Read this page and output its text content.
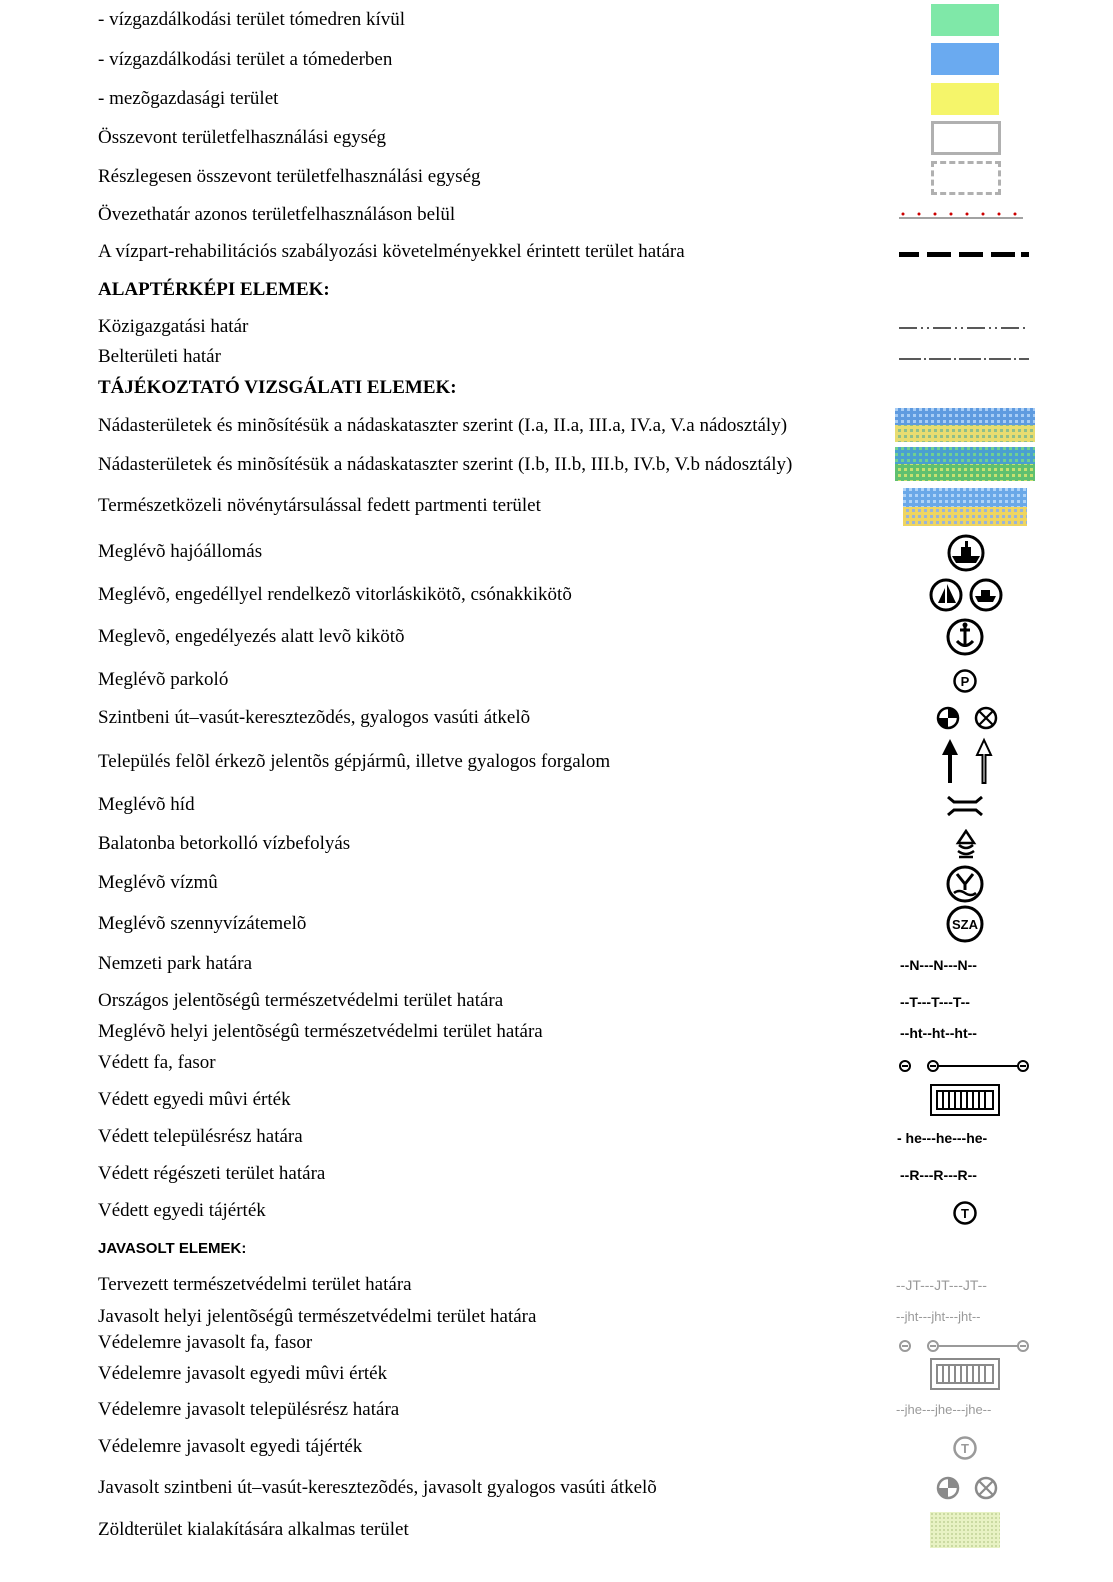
- vízgazdálkodási terület tómedren kívül
- vízgazdálkodási terület a tómederben
- mezõgazdasági terület
Összevont területfelhasználási egység
Részlegesen összevont területfelhasználási egység
Övezethatár azonos területfelhasználáson belül
A vízpart-rehabilitációs szabályozási követelményekkel érintett terület határa
ALAPTÉRKÉPI ELEMEK:
Közigazgatási határ
Belterületi határ
TÁJÉKOZTATÓ VIZSGÁLATI ELEMEK:
Nádasterületek és minõsítésük a nádaskataszter szerint (I.a, II.a, III.a, IV.a, V.a nádosztály)
Nádasterületek és minõsítésük a nádaskataszter szerint (I.b, II.b, III.b, IV.b, V.b nádosztály)
Természetközeli növénytársulással fedett partmenti terület
Meglévõ hajóállomás
Meglévõ, engedéllyel rendelkezõ vitorláskikötõ, csónakkikötõ
Meglevõ, engedélyezés alatt levõ kikötõ
Meglévõ parkoló
Szintbeni út–vasút-keresztezõdés, gyalogos vasúti átkelõ
Település felõl érkezõ jelentõs gépjármû, illetve gyalogos forgalom
Meglévõ híd
Balatonba betorkolló vízbefolyás
Meglévõ vízmû
Meglévõ szennyvízátemelõ
Nemzeti park határa
Országos jelentõségû természetvédelmi terület határa
Meglévõ helyi jelentõségû természetvédelmi terület határa
Védett fa, fasor
Védett egyedi mûvi érték
Védett településrész határa
Védett régészeti terület határa
Védett egyedi tájérték
JAVASOLT ELEMEK:
Tervezett természetvédelmi terület határa
Javasolt helyi jelentõségû természetvédelmi terület határa
Védelemre javasolt fa, fasor
Védelemre javasolt egyedi mûvi érték
Védelemre javasolt településrész határa
Védelemre javasolt egyedi tájérték
Javasolt szintbeni út–vasút-keresztezõdés, javasolt gyalogos vasúti átkelõ
Zöldterület kialakítására alkalmas terület
P
SZA
--N---N---N--
--T---T---T--
--ht--ht--ht--
- he---he---he-
--R---R---R--
T
--JT---JT---JT--
--jht---jht---jht--
--jhe---jhe---jhe--
T
